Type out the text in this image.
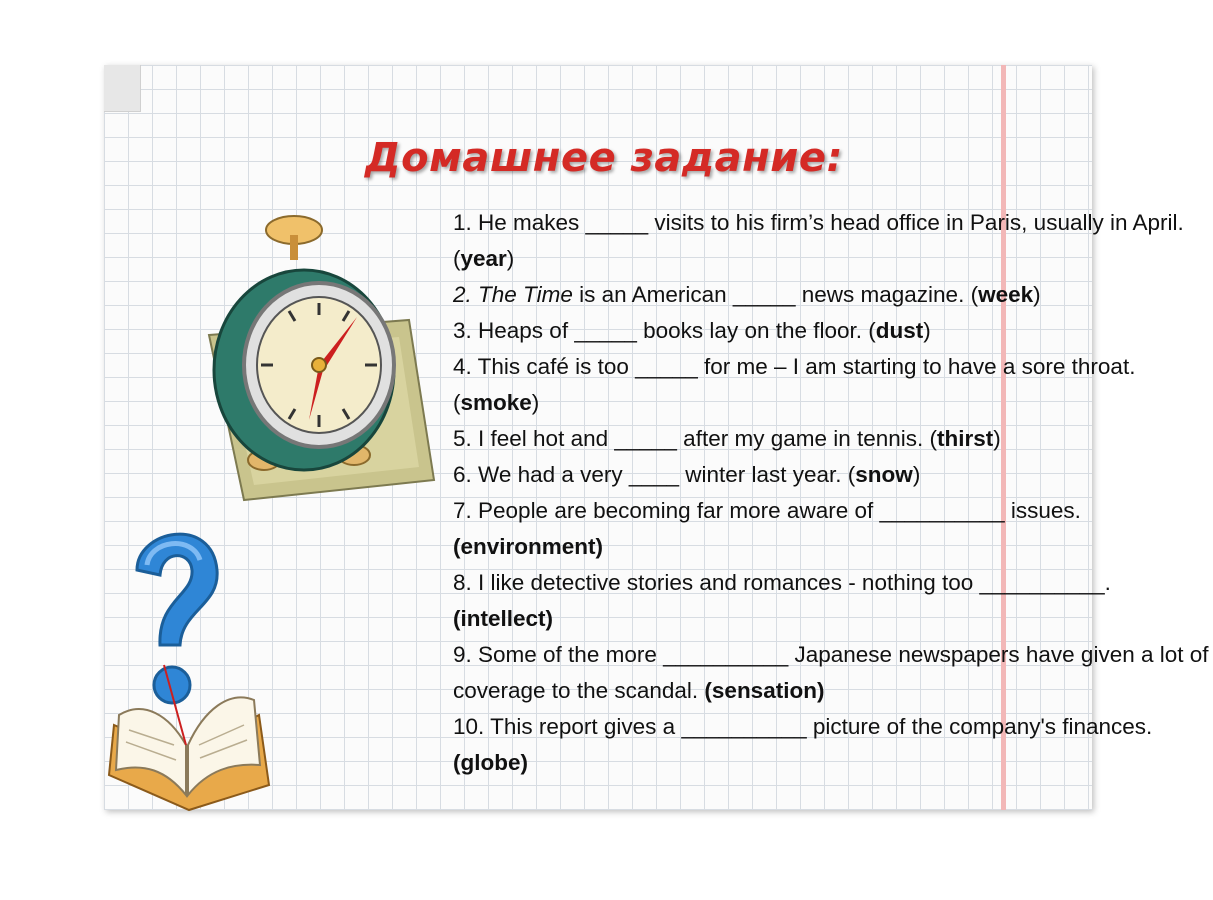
Домашнее задание:

1. He makes _____ visits to his firm’s head office in Paris, usually in April. (year)

2. The Time is an American _____ news magazine. (week)

3. Heaps of _____ books lay on the floor. (dust)

4. This café is too _____ for me – I am starting to have a sore throat. (smoke)

5. I feel hot and _____ after my game in tennis. (thirst)

6. We had a very ____ winter last year. (snow)

7. People are becoming far more aware of __________ issues. (environment)

8. I like detective stories and romances - nothing too __________. (intellect)

9. Some of the more __________ Japanese newspapers have given a lot of coverage to the scandal. (sensation)

10. This report gives a __________ picture of the company's finances. (globe)
